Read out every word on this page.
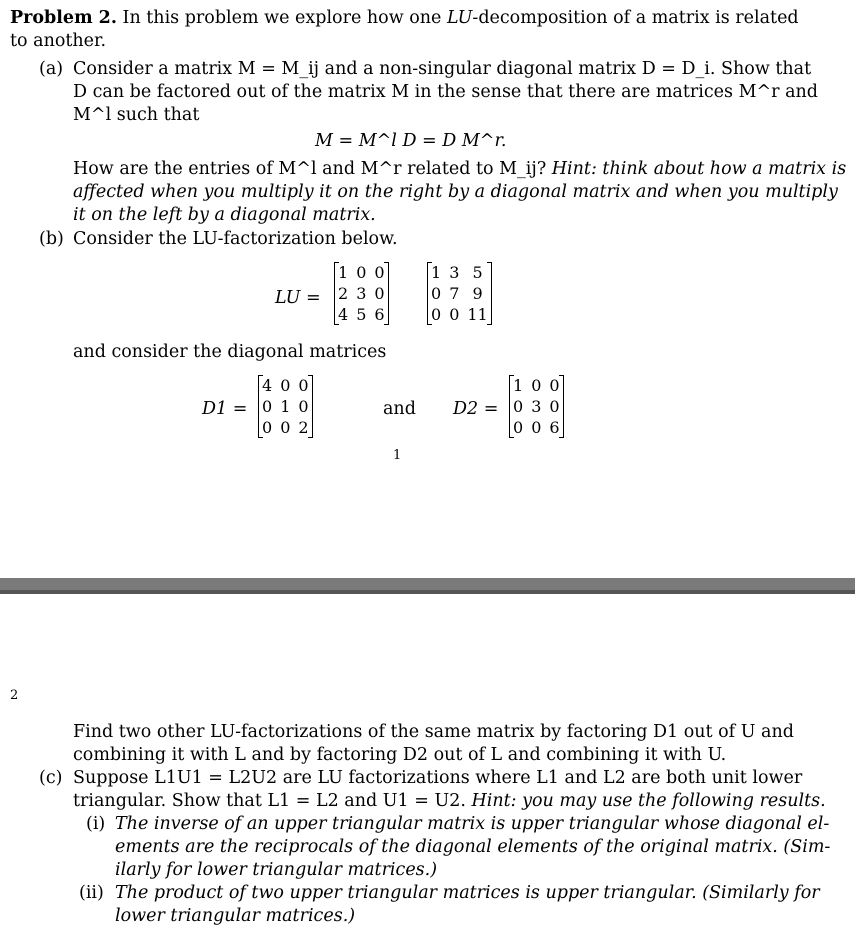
Problem 2. In this problem we explore how one LU-decomposition of a matrix is related
to another.
(a) Consider a matrix M = M_ij and a non-singular diagonal matrix D = D_i. Show that
D can be factored out of the matrix M in the sense that there are matrices M^r and
M^l such that
M = M^l D = D M^r.
How are the entries of M^l and M^r related to M_ij? Hint: think about how a matrix is
affected when you multiply it on the right by a diagonal matrix and when you multiply
it on the left by a diagonal matrix.
(b) Consider the LU-factorization below.
LU =
1	0	0
2	3	0
4	5	6
1	3	5
0	7	9
0	0	11
and consider the diagonal matrices
D1 =
4	0	0
0	1	0
0	0	2
and D2 =
1	0	0
0	3	0
0	0	6
1
2
Find two other LU-factorizations of the same matrix by factoring D1 out of U and
combining it with L and by factoring D2 out of L and combining it with U.
(c) Suppose L1U1 = L2U2 are LU factorizations where L1 and L2 are both unit lower
triangular. Show that L1 = L2 and U1 = U2. Hint: you may use the following results.
(i) The inverse of an upper triangular matrix is upper triangular whose diagonal el-
ements are the reciprocals of the diagonal elements of the original matrix. (Sim-
ilarly for lower triangular matrices.)
(ii) The product of two upper triangular matrices is upper triangular. (Similarly for
lower triangular matrices.)
